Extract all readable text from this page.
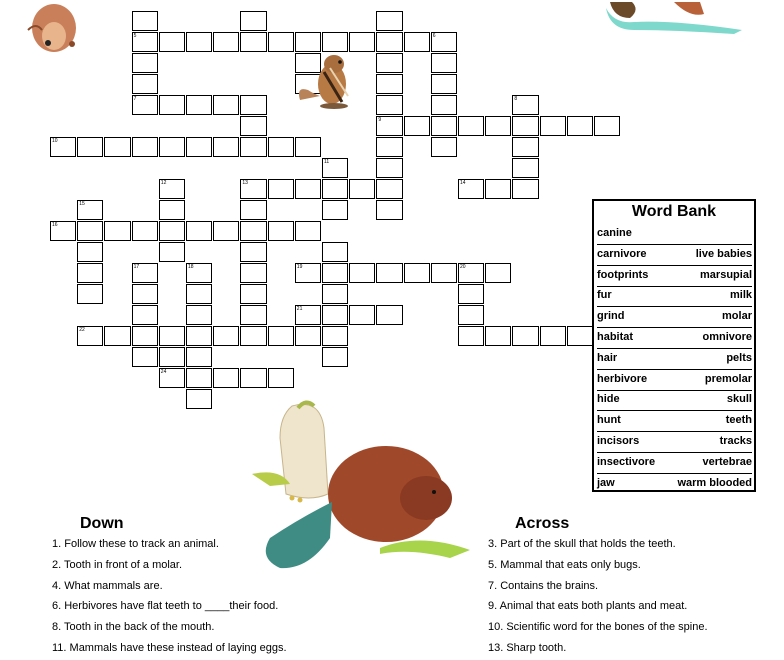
5	6
7	8
9
10
11
12	13	14
15
16
17	18	19	20
21
22
24
Word Bank
canine
carnivore	live babies
footprints	marsupial
fur	milk
grind	molar
habitat	omnivore
hair	pelts
herbivore	premolar
hide	skull
hunt	teeth
incisors	tracks
insectivore	vertebrae
jaw	warm blooded
Down	Across
1. Follow these to track an animal.
2. Tooth in front of a molar.
4. What mammals are.
6. Herbivores have flat teeth to ____their food.
8. Tooth in the back of the mouth.
11. Mammals have these instead of laying eggs.
3. Part of the skull that holds the teeth.
5. Mammal that eats only bugs.
7. Contains the brains.
9. Animal that eats both plants and meat.
10. Scientific word for the bones of the spine.
13. Sharp tooth.
